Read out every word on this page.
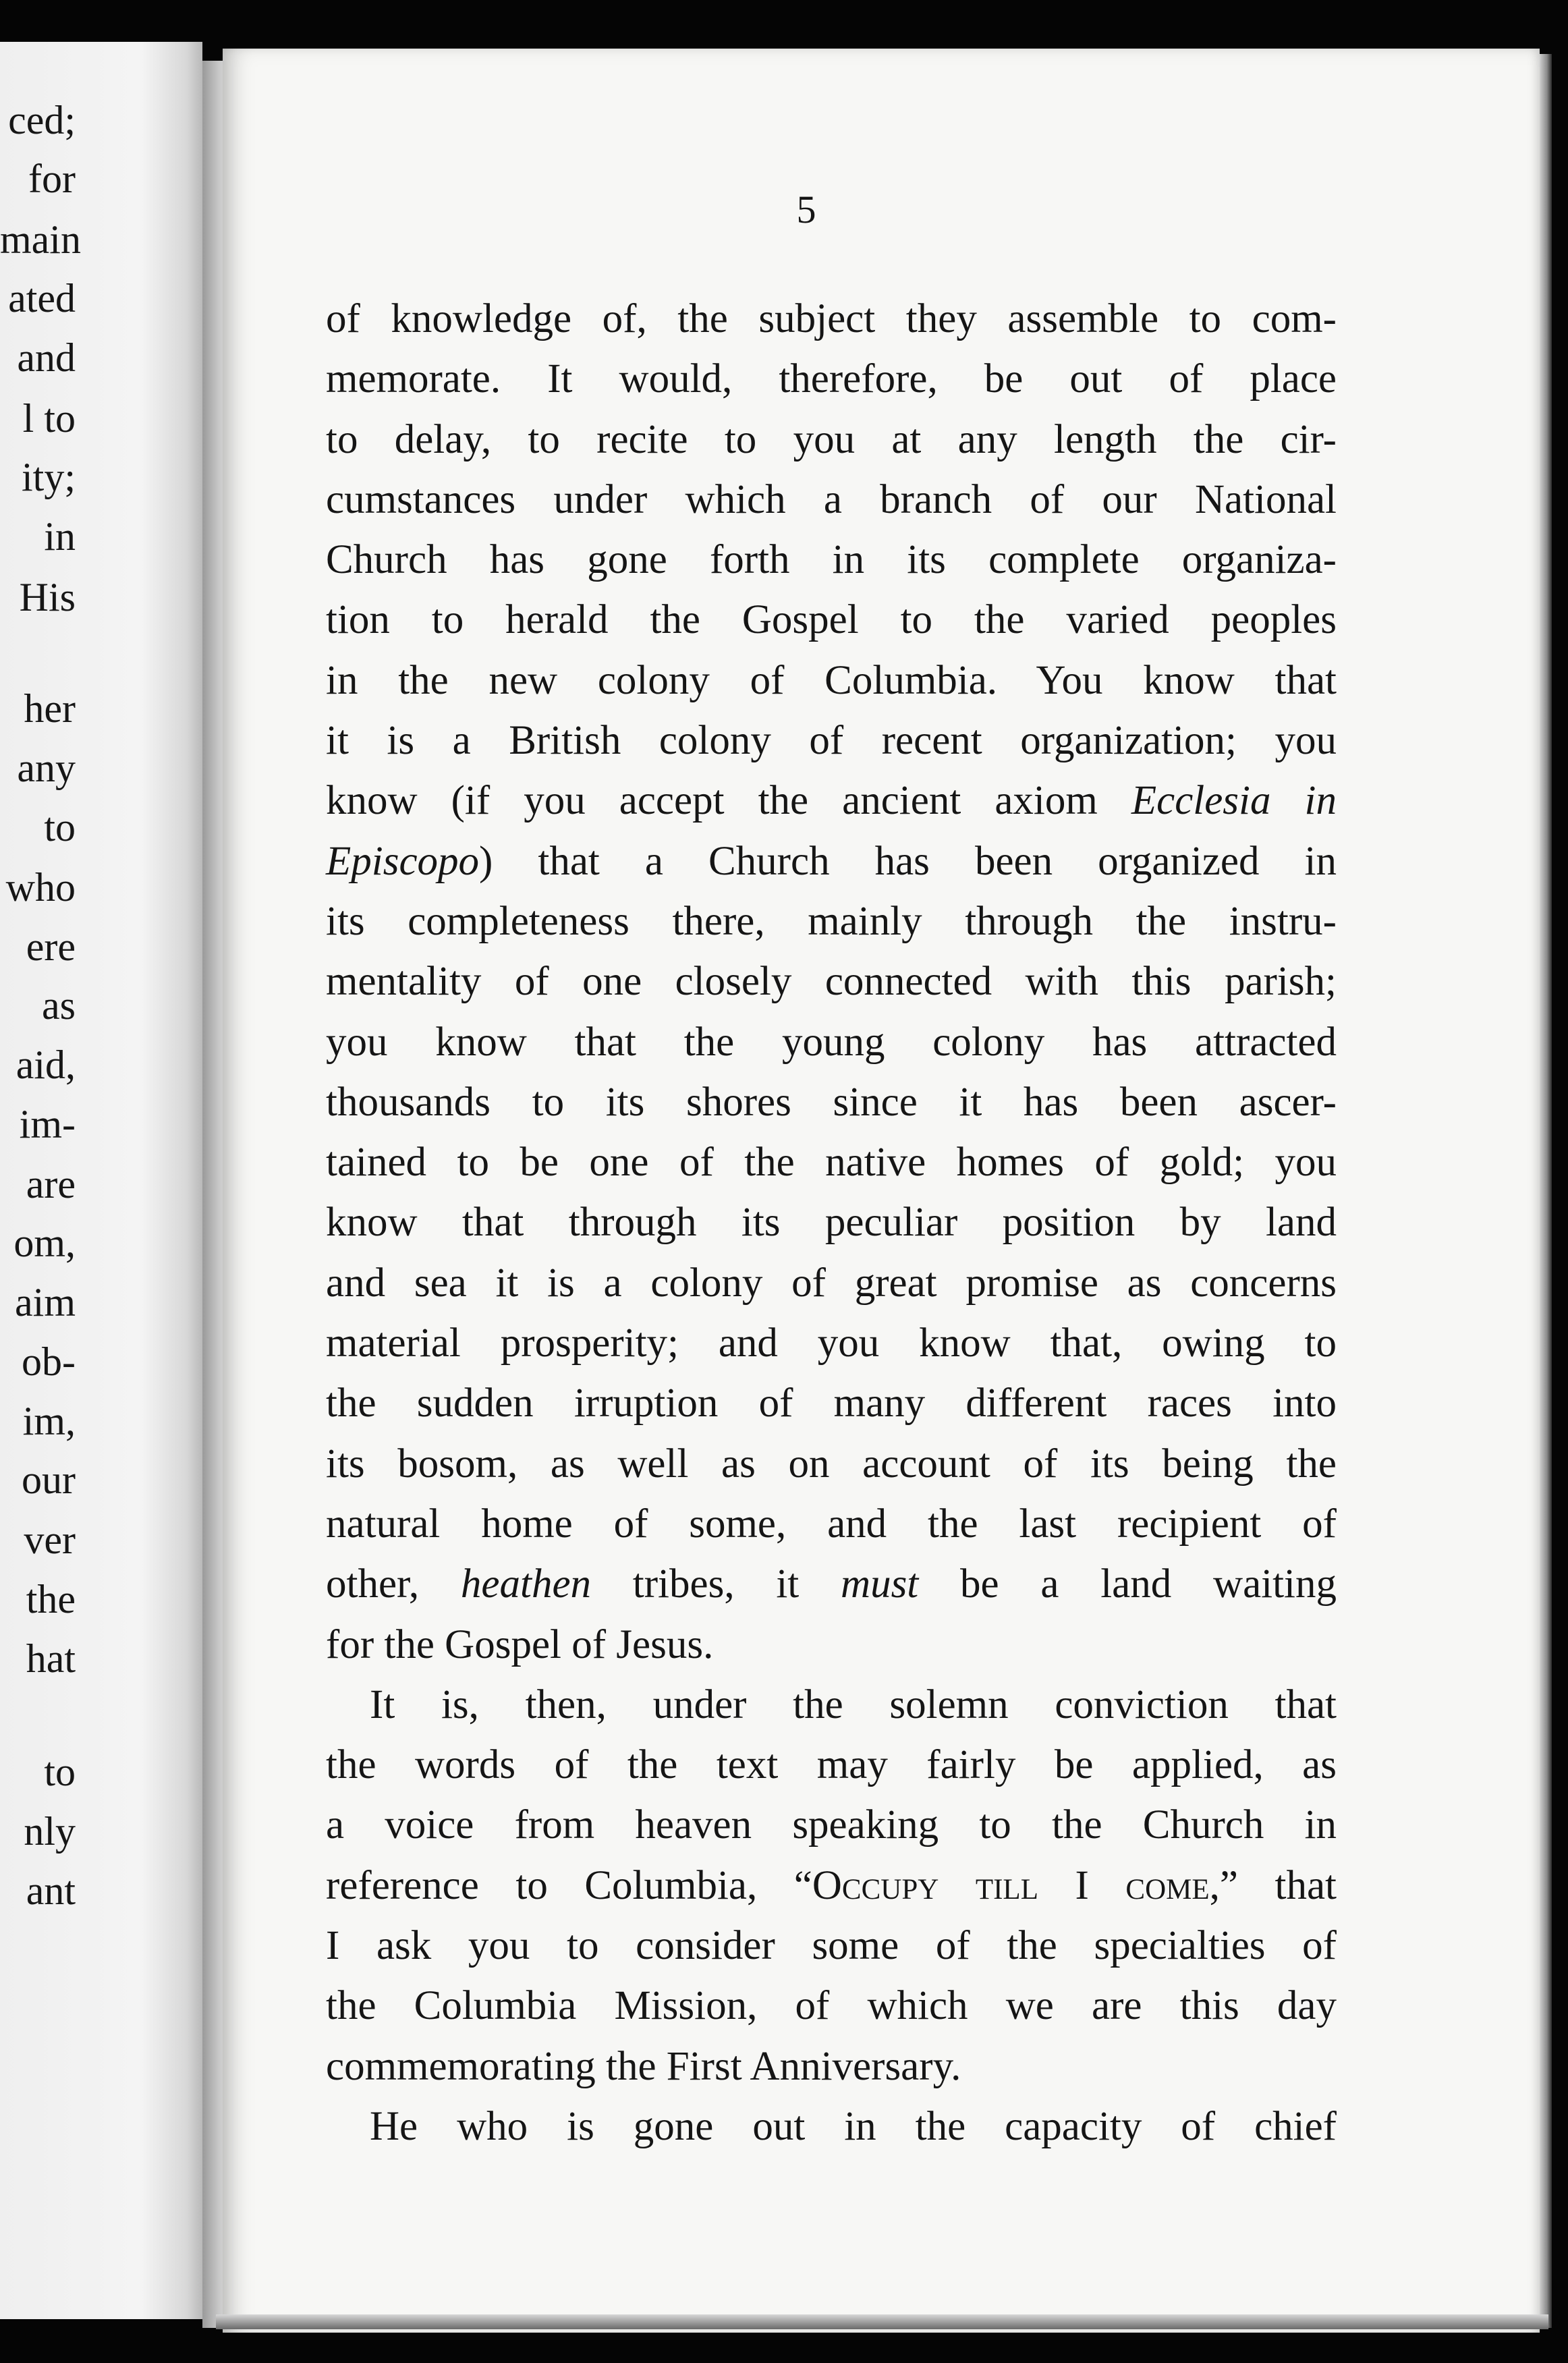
ced;
for
main
ated
and
l to
ity;
in
His
her
any
to
who
ere
as
aid,
im-
are
om,
aim
ob-
im,
our
ver
the
hat
to
nly
ant
5
of knowledge of, the subject they assemble to com-
memorate. It would, therefore, be out of place
to delay, to recite to you at any length the cir-
cumstances under which a branch of our National
Church has gone forth in its complete organiza-
tion to herald the Gospel to the varied peoples
in the new colony of Columbia. You know that
it is a British colony of recent organization; you
know (if you accept the ancient axiom Ecclesia in
Episcopo) that a Church has been organized in
its completeness there, mainly through the instru-
mentality of one closely connected with this parish;
you know that the young colony has attracted
thousands to its shores since it has been ascer-
tained to be one of the native homes of gold; you
know that through its peculiar position by land
and sea it is a colony of great promise as concerns
material prosperity; and you know that, owing to
the sudden irruption of many different races into
its bosom, as well as on account of its being the
natural home of some, and the last recipient of
other, heathen tribes, it must be a land waiting
for the Gospel of Jesus.
It is, then, under the solemn conviction that
the words of the text may fairly be applied, as
a voice from heaven speaking to the Church in
reference to Columbia, “Occupy till I come,” that
I ask you to consider some of the specialties of
the Columbia Mission, of which we are this day
commemorating the First Anniversary.
He who is gone out in the capacity of chief
